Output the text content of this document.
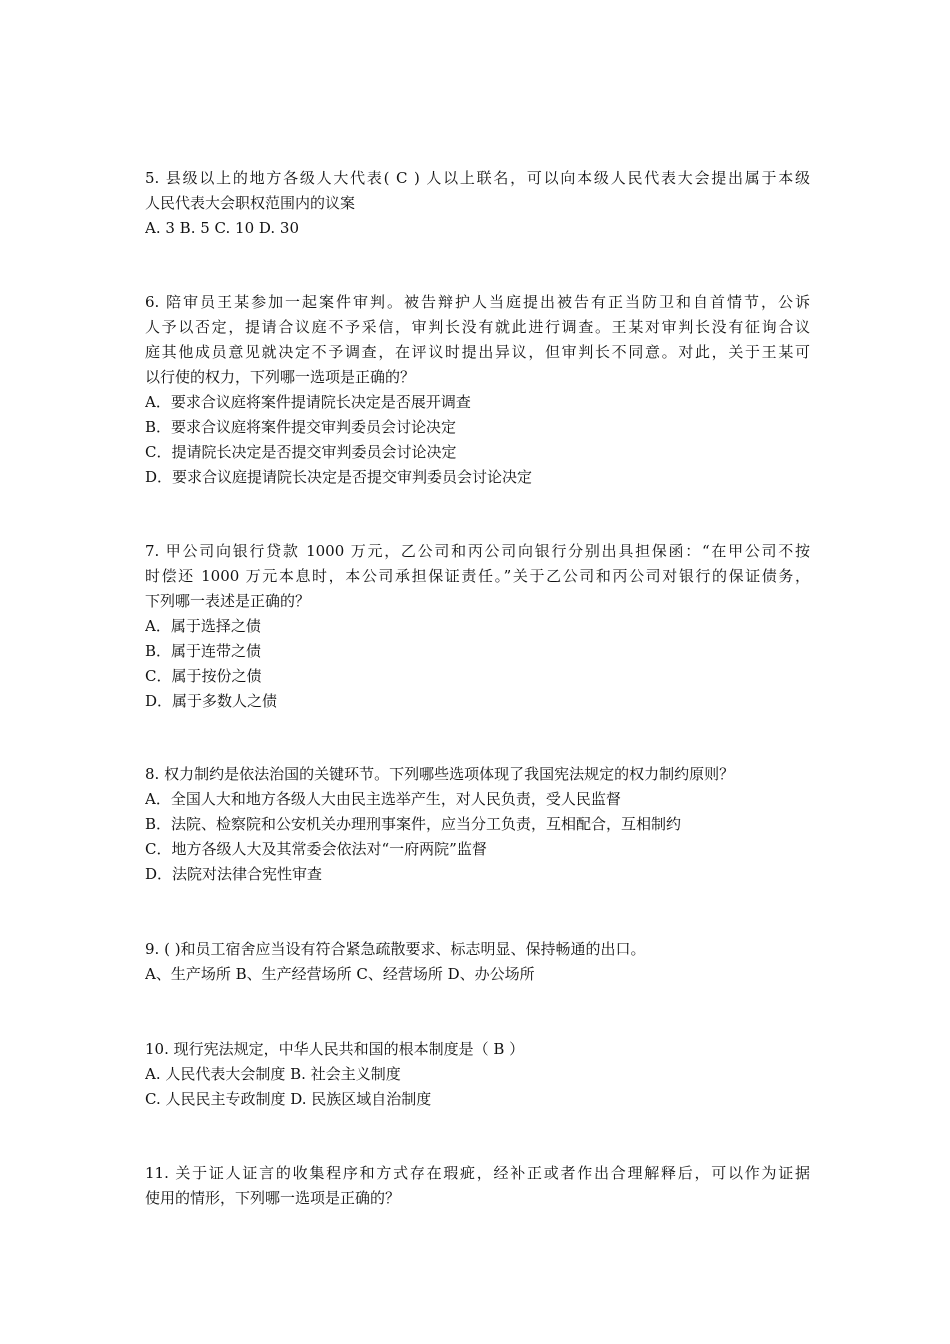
5. 县级以上的地方各级人大代表( C ) 人以上联名，可以向本级人民代表大会提出属于本级
人民代表大会职权范围内的议案
A. 3 B. 5 C. 10 D. 30
6. 陪审员王某参加一起案件审判。被告辩护人当庭提出被告有正当防卫和自首情节，公诉
人予以否定，提请合议庭不予采信，审判长没有就此进行调查。王某对审判长没有征询合议
庭其他成员意见就决定不予调查，在评议时提出异议，但审判长不同意。对此，关于王某可
以行使的权力，下列哪一选项是正确的？
A．要求合议庭将案件提请院长决定是否展开调查
B．要求合议庭将案件提交审判委员会讨论决定
C．提请院长决定是否提交审判委员会讨论决定
D．要求合议庭提请院长决定是否提交审判委员会讨论决定
7. 甲公司向银行贷款 1000 万元，乙公司和丙公司向银行分别出具担保函：“在甲公司不按
时偿还 1000 万元本息时，本公司承担保证责任。”关于乙公司和丙公司对银行的保证债务，
下列哪一表述是正确的？
A．属于选择之债
B．属于连带之债
C．属于按份之债
D．属于多数人之债
8. 权力制约是依法治国的关键环节。下列哪些选项体现了我国宪法规定的权力制约原则？
A．全国人大和地方各级人大由民主选举产生，对人民负责，受人民监督
B．法院、检察院和公安机关办理刑事案件，应当分工负责，互相配合，互相制约
C．地方各级人大及其常委会依法对“一府两院”监督
D．法院对法律合宪性审查
9. ( )和员工宿舍应当设有符合紧急疏散要求、标志明显、保持畅通的出口。
A、生产场所 B、生产经营场所 C、经营场所 D、办公场所
10. 现行宪法规定，中华人民共和国的根本制度是（ B ）
A. 人民代表大会制度 B. 社会主义制度
C. 人民民主专政制度 D. 民族区域自治制度
11. 关于证人证言的收集程序和方式存在瑕疵，经补正或者作出合理解释后，可以作为证据
使用的情形，下列哪一选项是正确的？
